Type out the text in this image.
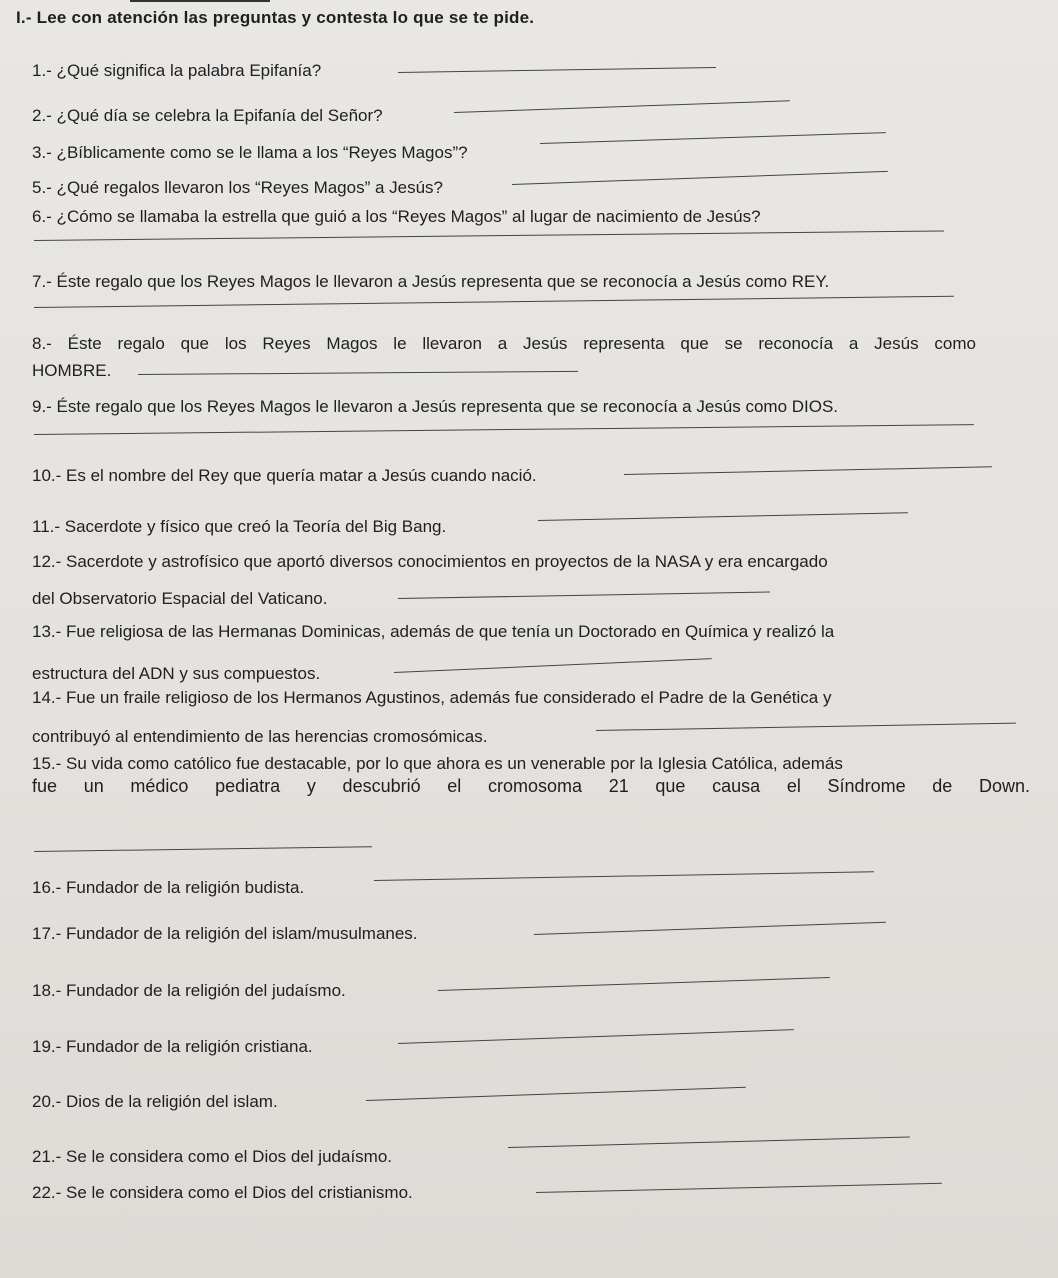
I.- Lee con atención las preguntas y contesta lo que se te pide.
1.- ¿Qué significa la palabra Epifanía?
2.- ¿Qué día se celebra la Epifanía del Señor?
3.- ¿Bíblicamente como se le llama a los “Reyes Magos”?
5.- ¿Qué regalos llevaron los “Reyes Magos” a Jesús?
6.- ¿Cómo se llamaba la estrella que guió a los “Reyes Magos” al lugar de nacimiento de Jesús?
7.- Éste regalo que los Reyes Magos le llevaron a Jesús representa que se reconocía a Jesús como REY.
8.- Éste regalo que los Reyes Magos le llevaron a Jesús representa que se reconocía a Jesús como
HOMBRE.
9.- Éste regalo que los Reyes Magos le llevaron a Jesús representa que se reconocía a Jesús como DIOS.
10.- Es el nombre del Rey que quería matar a Jesús cuando nació.
11.- Sacerdote y físico que creó la Teoría del Big Bang.
12.- Sacerdote y astrofísico que aportó diversos conocimientos en proyectos de la NASA y era encargado
del Observatorio Espacial del Vaticano.
13.- Fue religiosa de las Hermanas Dominicas, además de que tenía un Doctorado en Química y realizó la
estructura del ADN y sus compuestos.
14.- Fue un fraile religioso de los Hermanos Agustinos, además fue considerado el Padre de la Genética y
contribuyó al entendimiento de las herencias cromosómicas.
15.- Su vida como católico fue destacable, por lo que ahora es un venerable por la Iglesia Católica, además
fue un médico pediatra y descubrió el cromosoma 21 que causa el Síndrome de Down.
16.- Fundador de la religión budista.
17.- Fundador de la religión del islam/musulmanes.
18.- Fundador de la religión del judaísmo.
19.- Fundador de la religión cristiana.
20.- Dios de la religión del islam.
21.- Se le considera como el Dios del judaísmo.
22.- Se le considera como el Dios del cristianismo.
